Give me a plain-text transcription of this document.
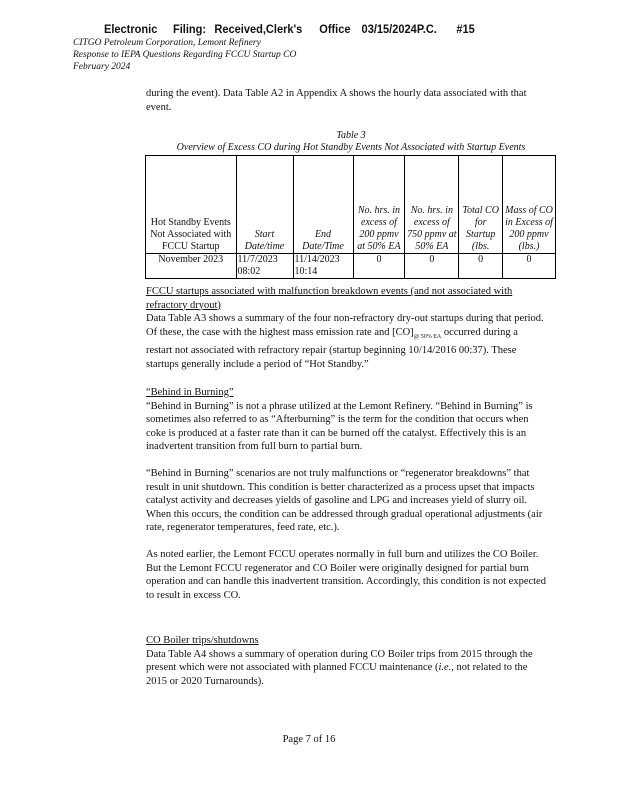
Electronic Filing: Received,Clerk's Office 03/15/2024P.C. #15
CITGO Petroleum Corporation, Lemont Refinery
Response to IEPA Questions Regarding FCCU Startup CO
February 2024

during the event). Data Table A2 in Appendix A shows the hourly data associated with that event.

Table 3
Overview of Excess CO during Hot Standby Events Not Associated with Startup Events
Hot Standby Events Not Associated with FCCU Startup	Start Date/time	End Date/Time	No. hrs. in excess of 200 ppmv at 50% EA	No. hrs. in excess of 750 ppmv at 50% EA	Total CO for Startup (lbs.	Mass of CO in Excess of 200 ppmv (lbs.)
November 2023	11/7/2023 08:02	11/14/2023 10:14	0	0	0	0

FCCU startups associated with malfunction breakdown events (and not associated with refractory dryout)

Data Table A3 shows a summary of the four non-refractory dry-out startups during that period. Of these, the case with the highest mass emission rate and $[CO]_{@ 50\% EA}$ occurred during a restart not associated with refractory repair (startup beginning 10/14/2016 00:37). These startups generally include a period of “Hot Standby.”

“Behind in Burning”

“Behind in Burning” is not a phrase utilized at the Lemont Refinery. “Behind in Burning” is sometimes also referred to as “Afterburning” is the term for the condition that occurs when coke is produced at a faster rate than it can be burned off the catalyst. Effectively this is an inadvertent transition from full burn to partial burn.

“Behind in Burning” scenarios are not truly malfunctions or “regenerator breakdowns” that result in unit shutdown. This condition is better characterized as a process upset that impacts catalyst activity and decreases yields of gasoline and LPG and increases yield of slurry oil. When this occurs, the condition can be addressed through gradual operational adjustments (air rate, regenerator temperatures, feed rate, etc.).

As noted earlier, the Lemont FCCU operates normally in full burn and utilizes the CO Boiler. But the Lemont FCCU regenerator and CO Boiler were originally designed for partial burn operation and can handle this inadvertent transition. Accordingly, this condition is not expected to result in excess CO.

CO Boiler trips/shutdowns

Data Table A4 shows a summary of operation during CO Boiler trips from 2015 through the present which were not associated with planned FCCU maintenance (i.e., not related to the 2015 or 2020 Turnarounds).

Page 7 of 16
